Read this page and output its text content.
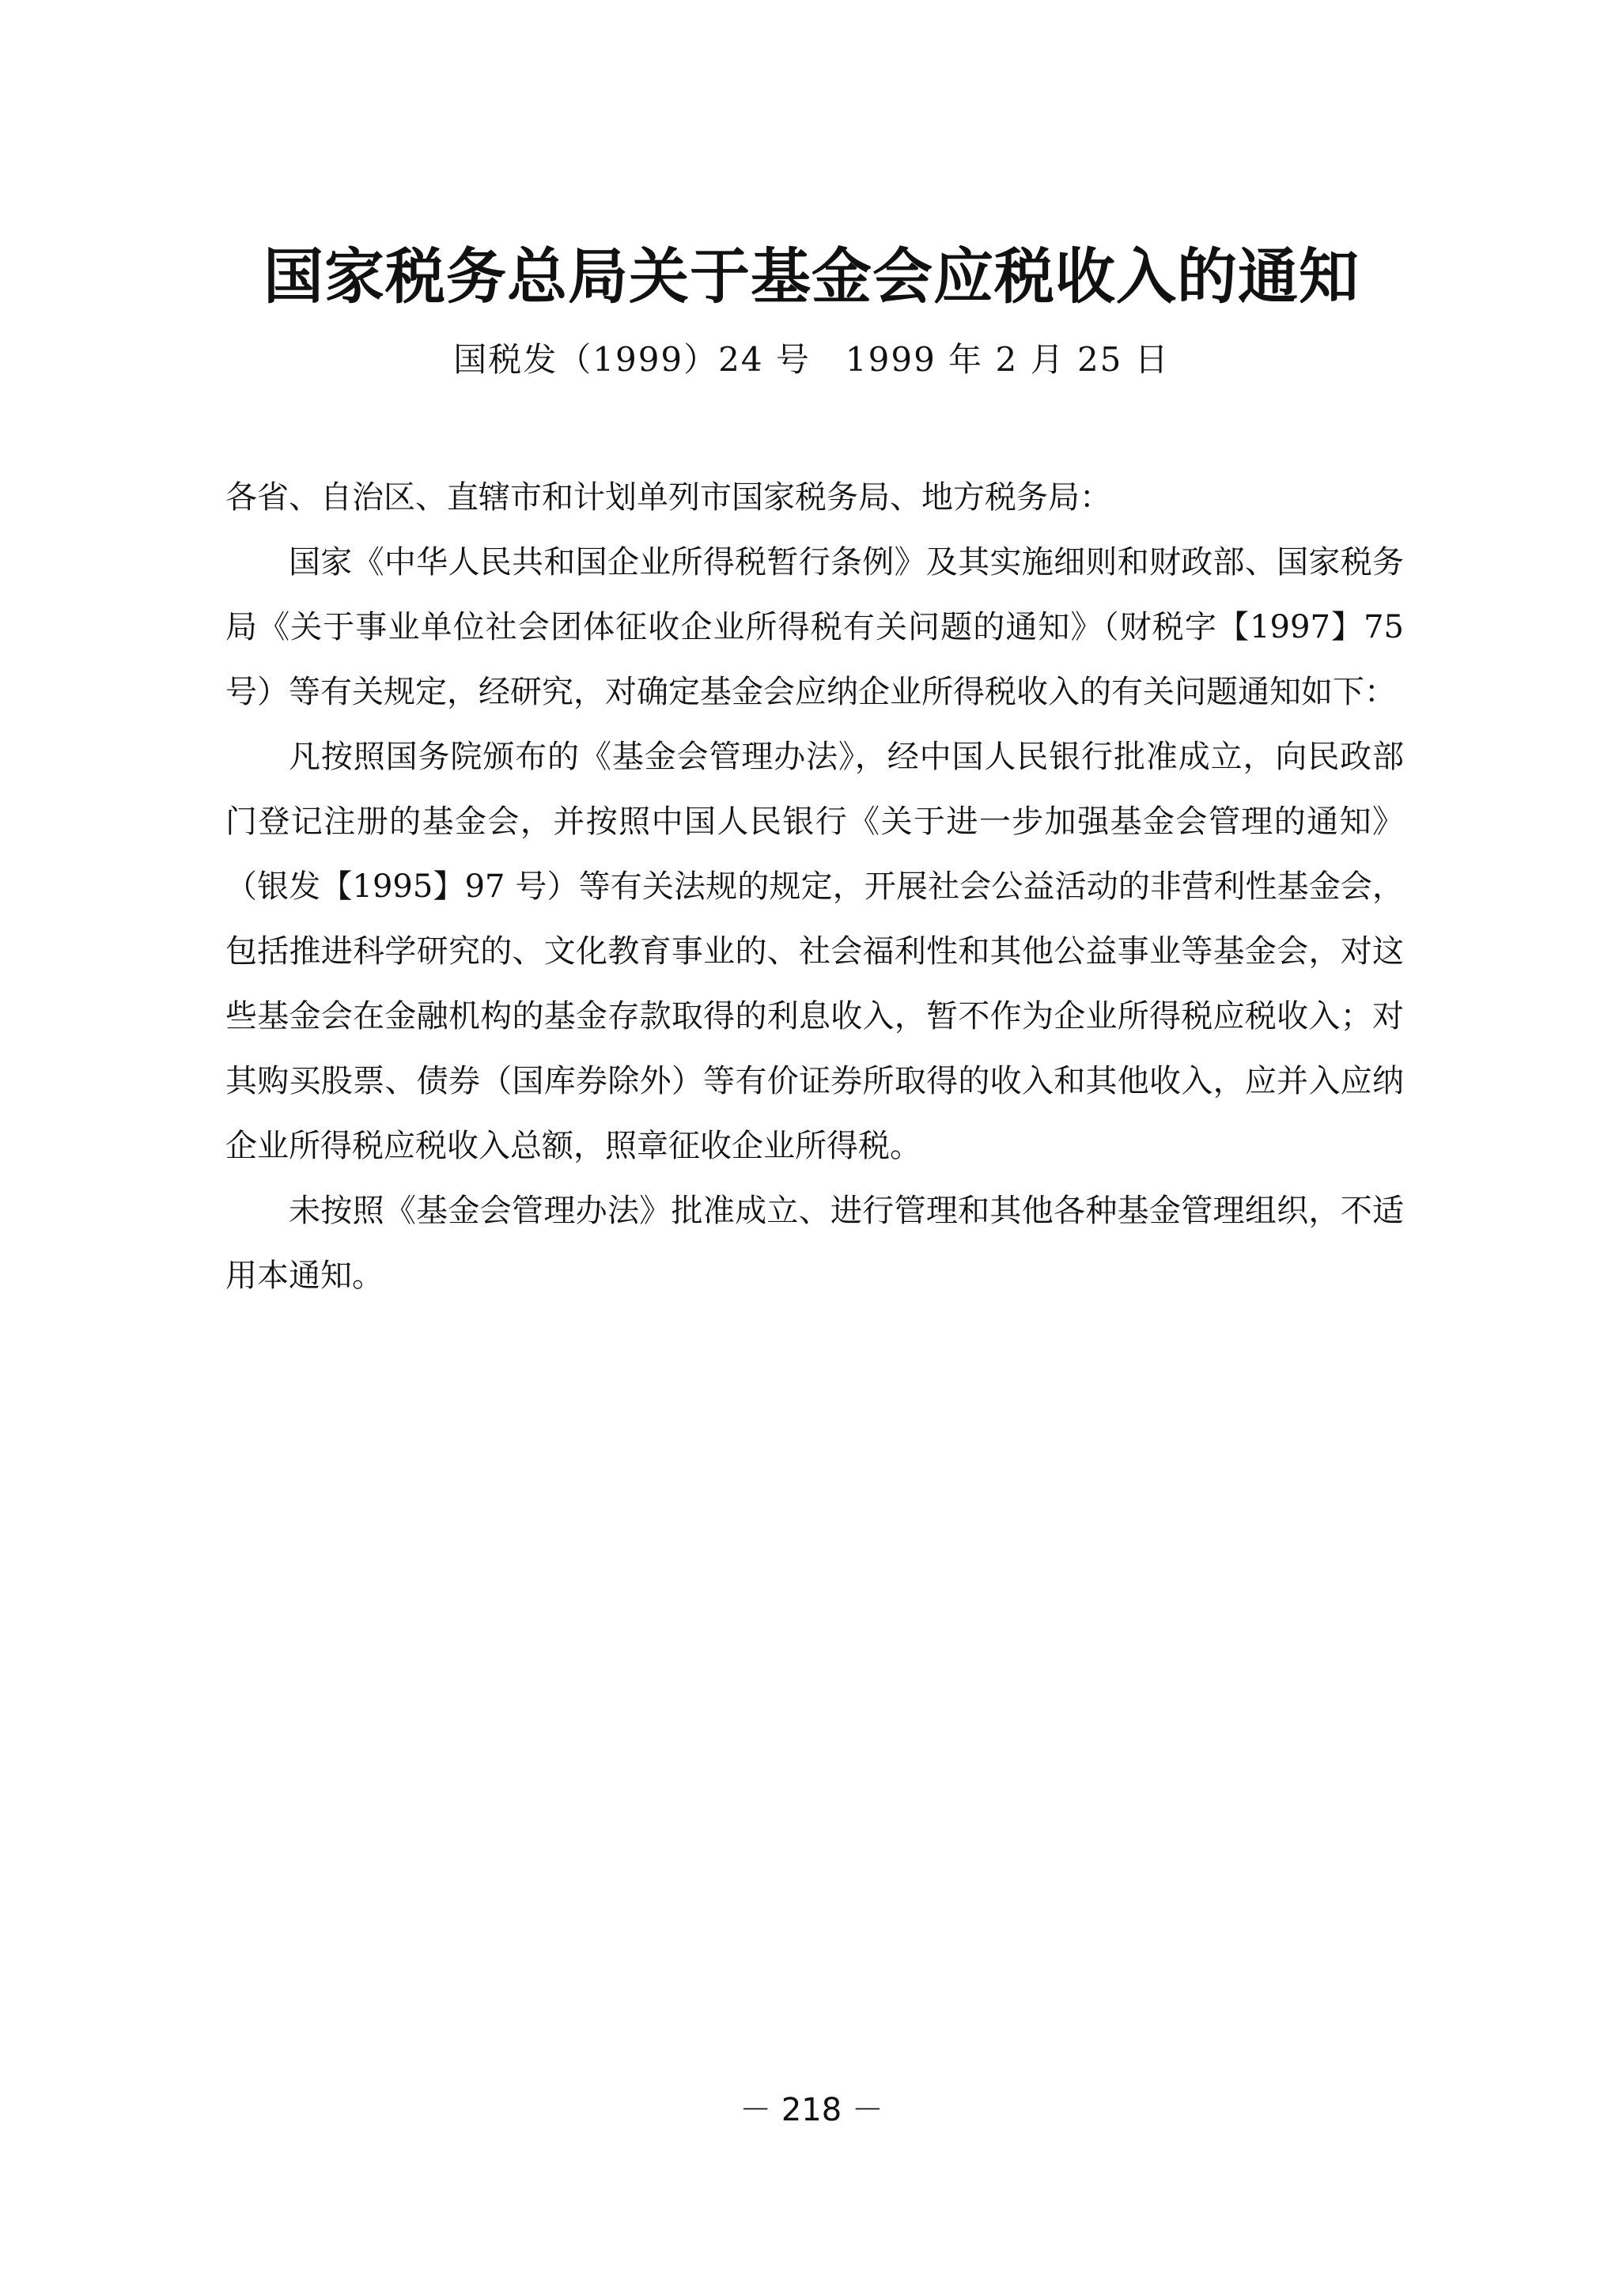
国家税务总局关于基金会应税收入的通知
国税发（1999）24 号　1999 年 2 月 25 日

各省、自治区、直辖市和计划单列市国家税务局、地方税务局：

国家《中华人民共和国企业所得税暂行条例》及其实施细则和财政部、国家税务局《关于事业单位社会团体征收企业所得税有关问题的通知》（财税字【1997】75 号）等有关规定，经研究，对确定基金会应纳企业所得税收入的有关问题通知如下：

凡按照国务院颁布的《基金会管理办法》，经中国人民银行批准成立，向民政部门登记注册的基金会，并按照中国人民银行《关于进一步加强基金会管理的通知》（银发【1995】97 号）等有关法规的规定，开展社会公益活动的非营利性基金会，包括推进科学研究的、文化教育事业的、社会福利性和其他公益事业等基金会，对这些基金会在金融机构的基金存款取得的利息收入，暂不作为企业所得税应税收入；对其购买股票、债券（国库券除外）等有价证券所取得的收入和其他收入，应并入应纳企业所得税应税收入总额，照章征收企业所得税。

未按照《基金会管理办法》批准成立、进行管理和其他各种基金管理组织，不适用本通知。

－ 218 －
